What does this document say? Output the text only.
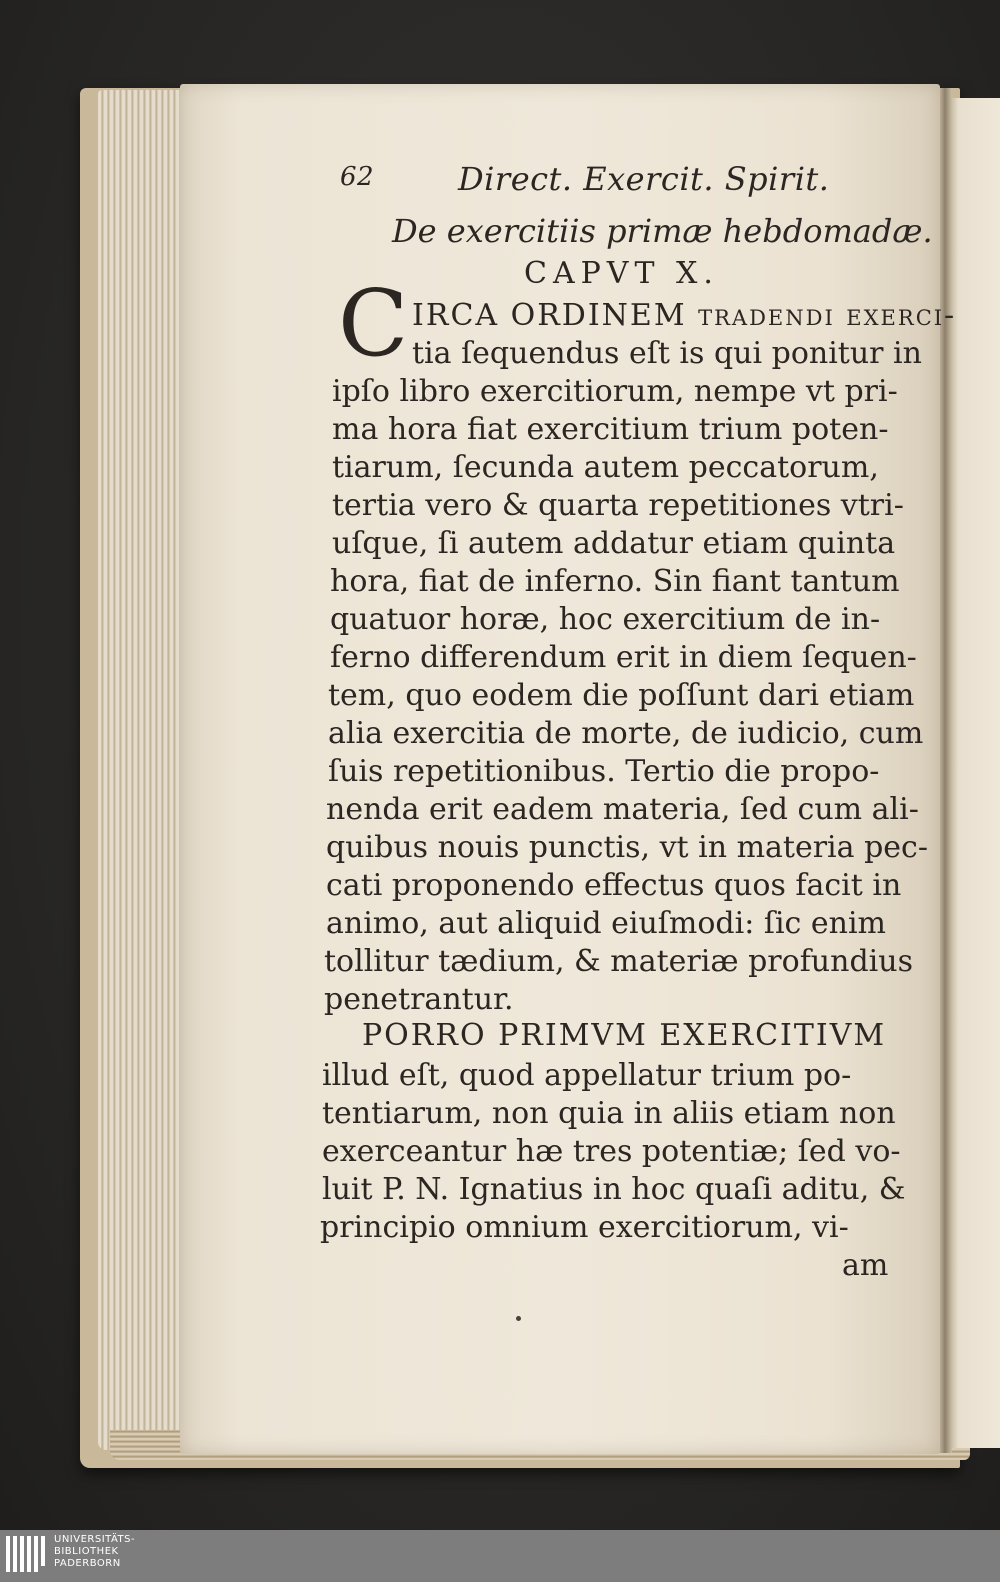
62	Direct. Exercit. Spirit.
De exercitiis primæ hebdomadæ.
CAPVT X.
C IRCA ORDINEM tradendi exerci-
tia ſequendus eſt is qui ponitur in
ipſo libro exercitiorum, nempe vt pri-
ma hora fiat exercitium trium poten-
tiarum, ſecunda autem peccatorum,
tertia vero & quarta repetitiones vtri-
uſque, ſi autem addatur etiam quinta
hora, fiat de inferno. Sin fiant tantum
quatuor horæ, hoc exercitium de in-
ferno differendum erit in diem ſequen-
tem, quo eodem die poſſunt dari etiam
alia exercitia de morte, de iudicio, cum
ſuis repetitionibus. Tertio die propo-
nenda erit eadem materia, ſed cum ali-
quibus nouis punctis, vt in materia pec-
cati proponendo effectus quos facit in
animo, aut aliquid eiuſmodi: ſic enim
tollitur tædium, & materiæ profundius
penetrantur.
PORRO PRIMVM EXERCITIVM
illud eſt, quod appellatur trium po-
tentiarum, non quia in aliis etiam non
exerceantur hæ tres potentiæ; ſed vo-
luit P. N. Ignatius in hoc quaſi aditu, &
principio omnium exercitiorum, vi-
am
UNIVERSITÄTS-
BIBLIOTHEK
PADERBORN
